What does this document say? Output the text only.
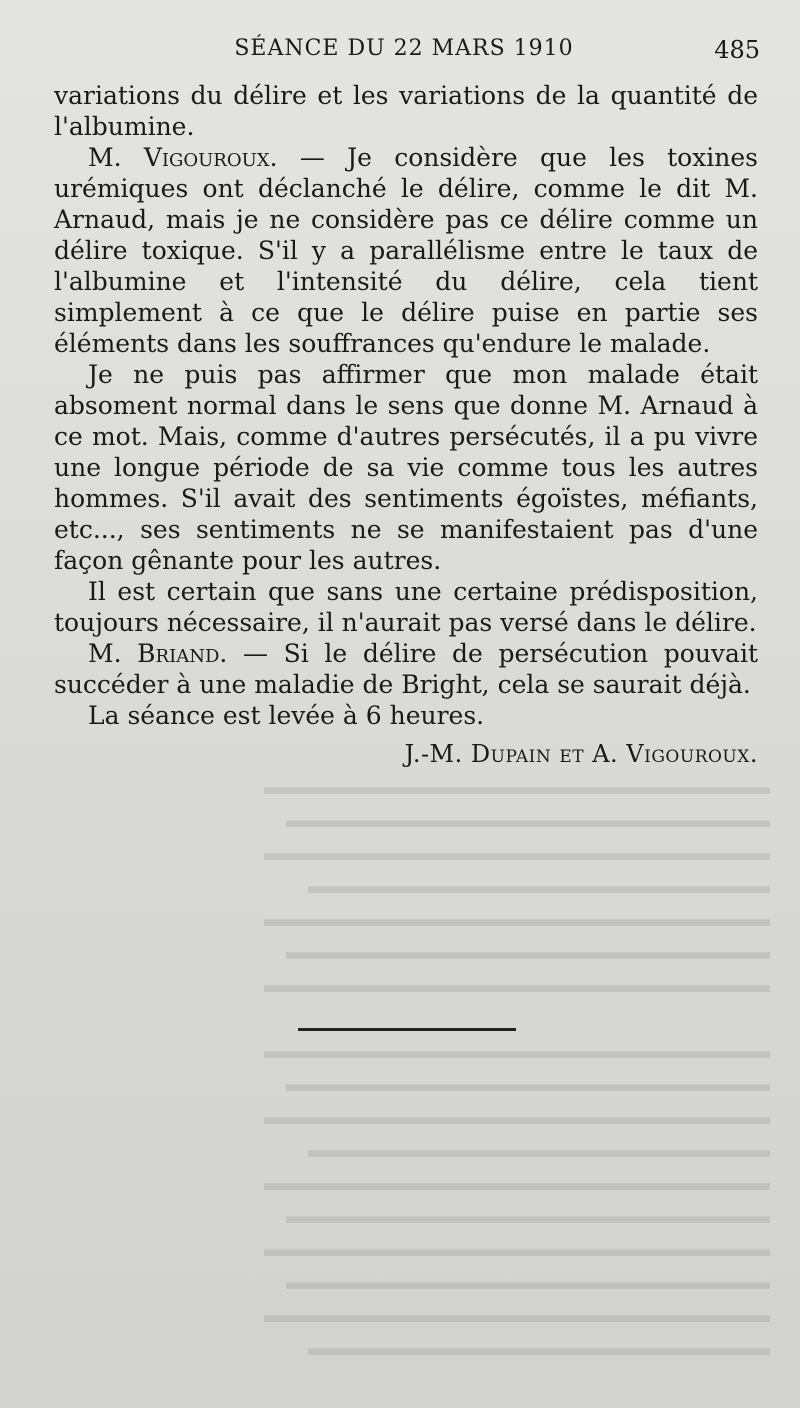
▬▬▬▬▬▬▬▬▬▬▬▬▬▬▬▬▬▬▬▬▬▬▬
▬▬▬▬▬▬▬▬▬▬▬▬▬▬▬▬▬▬▬▬▬▬
▬▬▬▬▬▬▬▬▬▬▬▬▬▬▬▬▬▬▬▬▬▬▬
▬▬▬▬▬▬▬▬▬▬▬▬▬▬▬▬▬▬▬▬▬
▬▬▬▬▬▬▬▬▬▬▬▬▬▬▬▬▬▬▬▬▬▬▬
▬▬▬▬▬▬▬▬▬▬▬▬▬▬▬▬▬▬▬▬▬▬
▬▬▬▬▬▬▬▬▬▬▬▬▬▬▬▬▬▬▬▬▬▬▬

▬▬▬▬▬▬▬▬▬▬▬▬▬▬▬▬▬▬▬▬▬▬▬
▬▬▬▬▬▬▬▬▬▬▬▬▬▬▬▬▬▬▬▬▬▬
▬▬▬▬▬▬▬▬▬▬▬▬▬▬▬▬▬▬▬▬▬▬▬
▬▬▬▬▬▬▬▬▬▬▬▬▬▬▬▬▬▬▬▬▬
▬▬▬▬▬▬▬▬▬▬▬▬▬▬▬▬▬▬▬▬▬▬▬
▬▬▬▬▬▬▬▬▬▬▬▬▬▬▬▬▬▬▬▬▬▬
▬▬▬▬▬▬▬▬▬▬▬▬▬▬▬▬▬▬▬▬▬▬▬
▬▬▬▬▬▬▬▬▬▬▬▬▬▬▬▬▬▬▬▬▬▬
▬▬▬▬▬▬▬▬▬▬▬▬▬▬▬▬▬▬▬▬▬▬▬
▬▬▬▬▬▬▬▬▬▬▬▬▬▬▬▬▬▬▬▬▬
SÉANCE DU 22 MARS 1910	485

variations du délire et les variations de la quantité de l'albumine.

M. Vigouroux. — Je considère que les toxines urémiques ont déclanché le délire, comme le dit M. Arnaud, mais je ne considère pas ce délire comme un délire toxique. S'il y a parallélisme entre le taux de l'albumine et l'intensité du délire, cela tient simplement à ce que le délire puise en partie ses éléments dans les souffrances qu'endure le malade.

Je ne puis pas affirmer que mon malade était absoment normal dans le sens que donne M. Arnaud à ce mot. Mais, comme d'autres persécutés, il a pu vivre une longue période de sa vie comme tous les autres hommes. S'il avait des sentiments égoïstes, méfiants, etc..., ses sentiments ne se manifestaient pas d'une façon gênante pour les autres.

Il est certain que sans une certaine prédisposition, toujours nécessaire, il n'aurait pas versé dans le délire.

M. Briand. — Si le délire de persécution pouvait succéder à une maladie de Bright, cela se saurait déjà.

La séance est levée à 6 heures.

J.-M. Dupain et A. Vigouroux.
